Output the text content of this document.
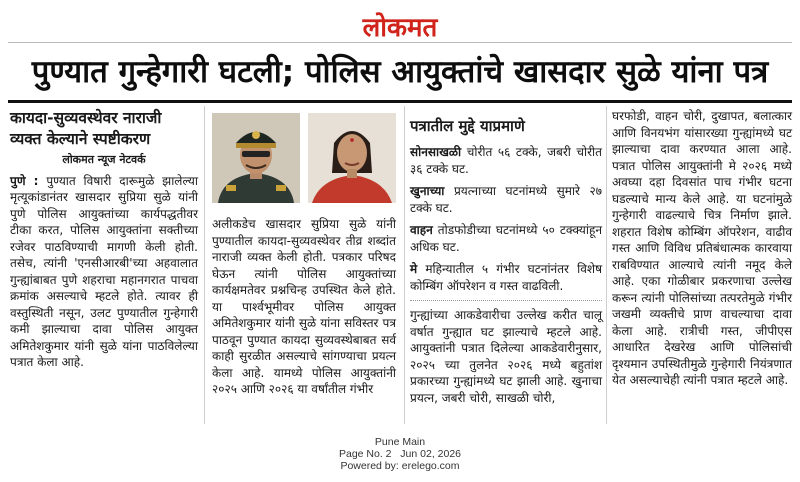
लोकमत
पुण्यात गुन्हेगारी घटली; पोलिस आयुक्तांचे खासदार सुळे यांना पत्र
कायदा-सुव्यवस्थेवर नाराजी व्यक्त केल्याने स्पष्टीकरण
लोकमत न्यूज नेटवर्क
पुणे : पुण्यात विषारी दारूमुळे झालेल्या मृत्यूकांडानंतर खासदार सुप्रिया सुळे यांनी पुणे पोलिस आयुक्तांच्या कार्यपद्धतीवर टीका करत, पोलिस आयुक्तांना सक्तीच्या रजेवर पाठविण्याची मागणी केली होती. तसेच, त्यांनी 'एनसीआरबी'च्या अहवालात गुन्ह्यांबाबत पुणे शहराचा महानगरात पाचवा क्रमांक असल्याचे म्हटले होते. त्यावर ही वस्तुस्थिती नसून, उलट पुण्यातील गुन्हेगारी कमी झाल्याचा दावा पोलिस आयुक्त अमितेशकुमार यांनी सुळे यांना पाठविलेल्या पत्रात केला आहे.
अलीकडेच खासदार सुप्रिया सुळे यांनी पुण्यातील कायदा-सुव्यवस्थेवर तीव्र शब्दांत नाराजी व्यक्त केली होती. पत्रकार परिषद घेऊन त्यांनी पोलिस आयुक्तांच्या कार्यक्षमतेवर प्रश्नचिन्ह उपस्थित केले होते. या पार्श्वभूमीवर पोलिस आयुक्त अमितेशकुमार यांनी सुळे यांना सविस्तर पत्र पाठवून पुण्यात कायदा सुव्यवस्थेबाबत सर्व काही सुरळीत असल्याचे सांगण्याचा प्रयत्न केला आहे. यामध्ये पोलिस आयुक्तांनी २०२५ आणि २०२६ या वर्षांतील गंभीर
पत्रातील मुद्दे याप्रमाणे
सोनसाखळी चोरीत ५६ टक्के, जबरी चोरीत ३६ टक्के घट.
खुनाच्या प्रयत्नाच्या घटनांमध्ये सुमारे २७ टक्के घट.
वाहन तोडफोडीच्या घटनांमध्ये ५० टक्क्यांहून अधिक घट.
मे महिन्यातील ५ गंभीर घटनांनंतर विशेष कोम्बिंग ऑपरेशन व गस्त वाढविली.
गुन्ह्यांच्या आकडेवारीचा उल्लेख करीत चालू वर्षात गुन्ह्यात घट झाल्याचे म्हटले आहे. आयुक्तांनी पत्रात दिलेल्या आकडेवारीनुसार, २०२५ च्या तुलनेत २०२६ मध्ये बहुतांश प्रकारच्या गुन्ह्यांमध्ये घट झाली आहे. खुनाचा प्रयत्न, जबरी चोरी, साखळी चोरी,
घरफोडी, वाहन चोरी, दुखापत, बलात्कार आणि विनयभंग यांसारख्या गुन्ह्यांमध्ये घट झाल्याचा दावा करण्यात आला आहे. पत्रात पोलिस आयुक्तांनी मे २०२६ मध्ये अवघ्या दहा दिवसांत पाच गंभीर घटना घडल्याचे मान्य केले आहे. या घटनांमुळे गुन्हेगारी वाढल्याचे चित्र निर्माण झाले. शहरात विशेष कोम्बिंग ऑपरेशन, वाढीव गस्त आणि विविध प्रतिबंधात्मक कारवाया राबविण्यात आल्याचे त्यांनी नमूद केले आहे. एका गोळीबार प्रकरणाचा उल्लेख करून त्यांनी पोलिसांच्या तत्परतेमुळे गंभीर जखमी व्यक्तीचे प्राण वाचल्याचा दावा केला आहे. रात्रीची गस्त, जीपीएस आधारित देखरेख आणि पोलिसांची दृश्यमान उपस्थितीमुळे गुन्हेगारी नियंत्रणात येत असल्याचेही त्यांनी पत्रात म्हटले आहे.
Pune Main
Page No. 2 Jun 02, 2026
Powered by: erelego.com
